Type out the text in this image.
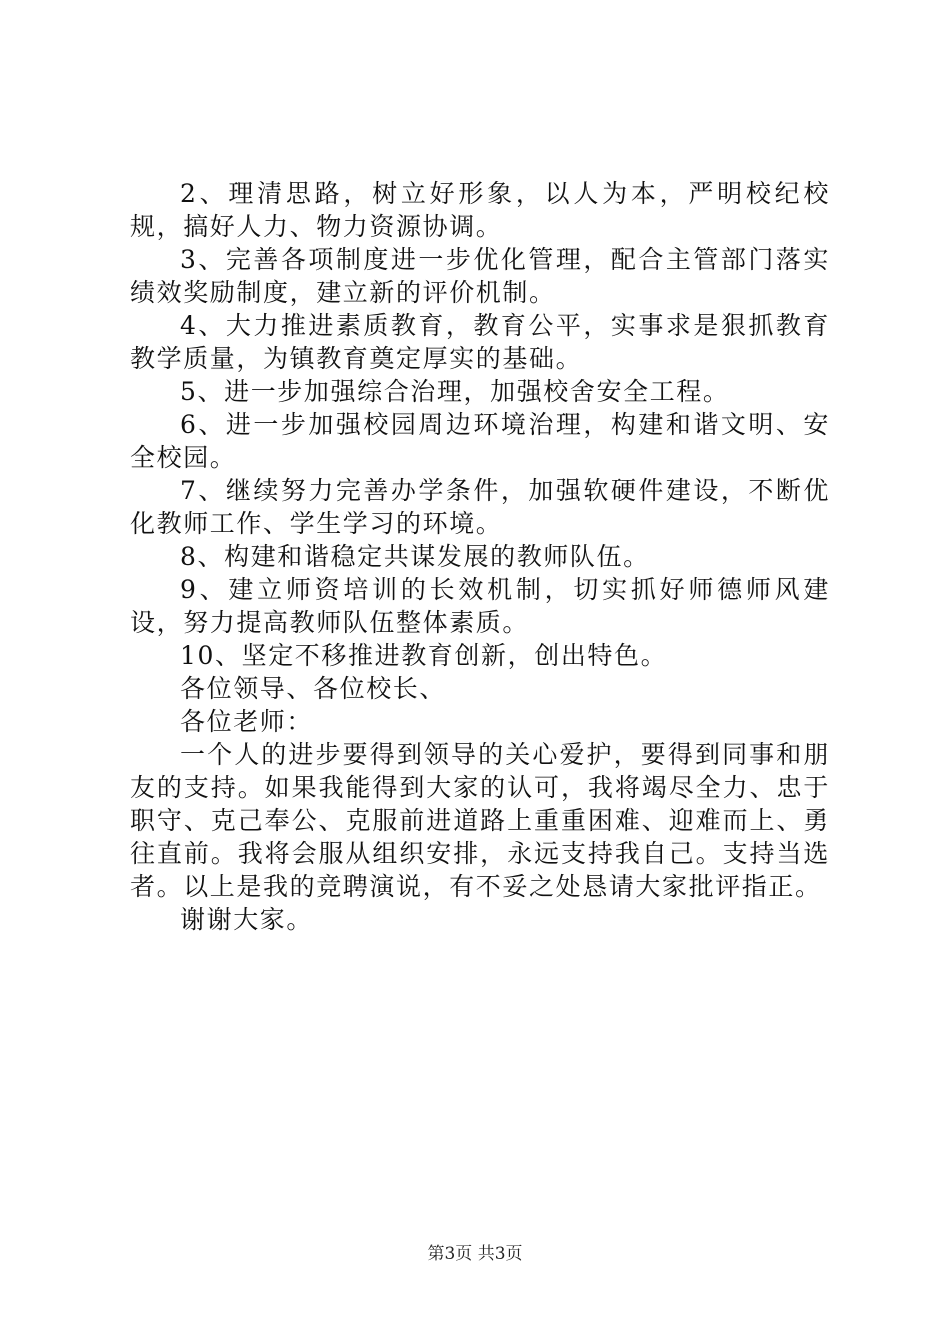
2、理清思路，树立好形象，以人为本，严明校纪校规，搞好人力、物力资源协调。

3、完善各项制度进一步优化管理，配合主管部门落实绩效奖励制度，建立新的评价机制。

4、大力推进素质教育，教育公平，实事求是狠抓教育教学质量，为镇教育奠定厚实的基础。

5、进一步加强综合治理，加强校舍安全工程。

6、进一步加强校园周边环境治理，构建和谐文明、安全校园。

7、继续努力完善办学条件，加强软硬件建设，不断优化教师工作、学生学习的环境。

8、构建和谐稳定共谋发展的教师队伍。

9、建立师资培训的长效机制，切实抓好师德师风建设，努力提高教师队伍整体素质。

10、坚定不移推进教育创新，创出特色。

各位领导、各位校长、

各位老师：

一个人的进步要得到领导的关心爱护，要得到同事和朋友的支持。如果我能得到大家的认可，我将竭尽全力、忠于职守、克己奉公、克服前进道路上重重困难、迎难而上、勇往直前。我将会服从组织安排，永远支持我自己。支持当选者。以上是我的竞聘演说，有不妥之处恳请大家批评指正。

谢谢大家。

第3页 共3页
